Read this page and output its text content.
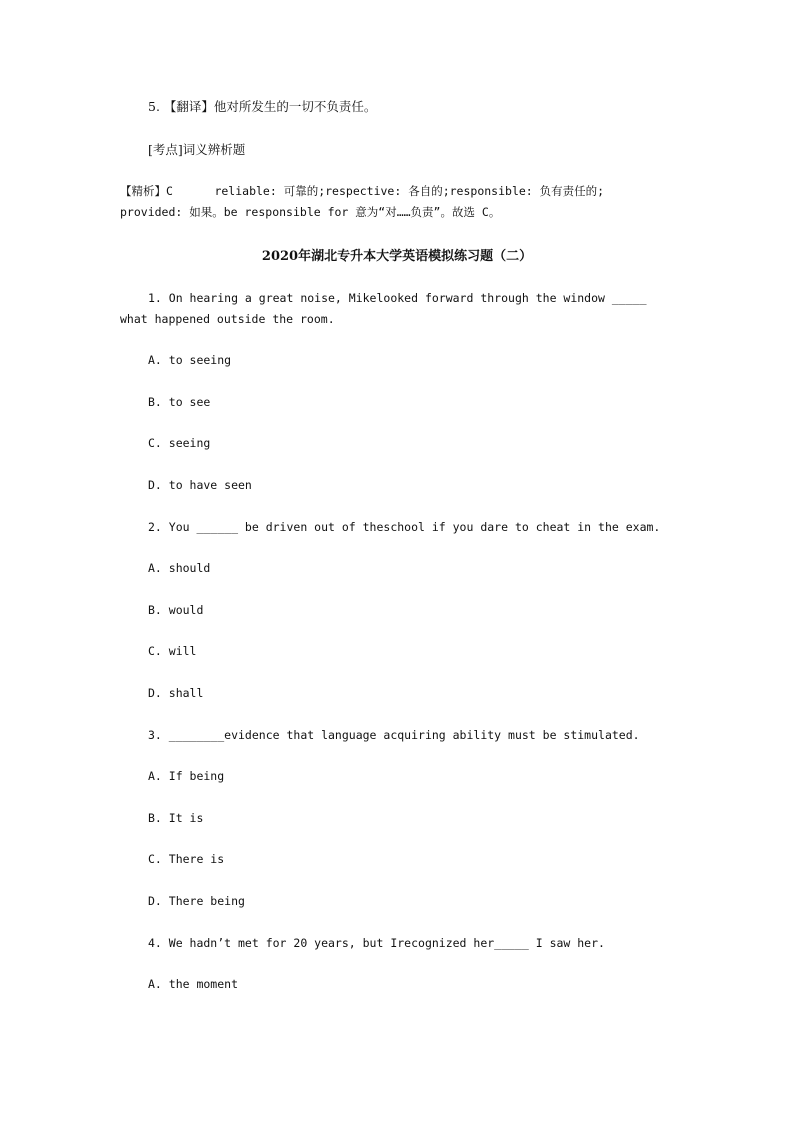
5. 【翻译】他对所发生的一切不负责任。
[考点]词义辨析题
【精析】C      reliable: 可靠的;respective: 各自的;responsible: 负有责任的;
provided: 如果。be responsible for 意为“对……负责”。故选 C。
2020年湖北专升本大学英语模拟练习题（二）
1. On hearing a great noise, Mikelooked forward through the window _____
what happened outside the room.
A. to seeing
B. to see
C. seeing
D. to have seen
2. You ______ be driven out of theschool if you dare to cheat in the exam.
A. should
B. would
C. will
D. shall
3. ________evidence that language acquiring ability must be stimulated.
A. If being
B. It is
C. There is
D. There being
4. We hadn’t met for 20 years, but Irecognized her_____ I saw her.
A. the moment
